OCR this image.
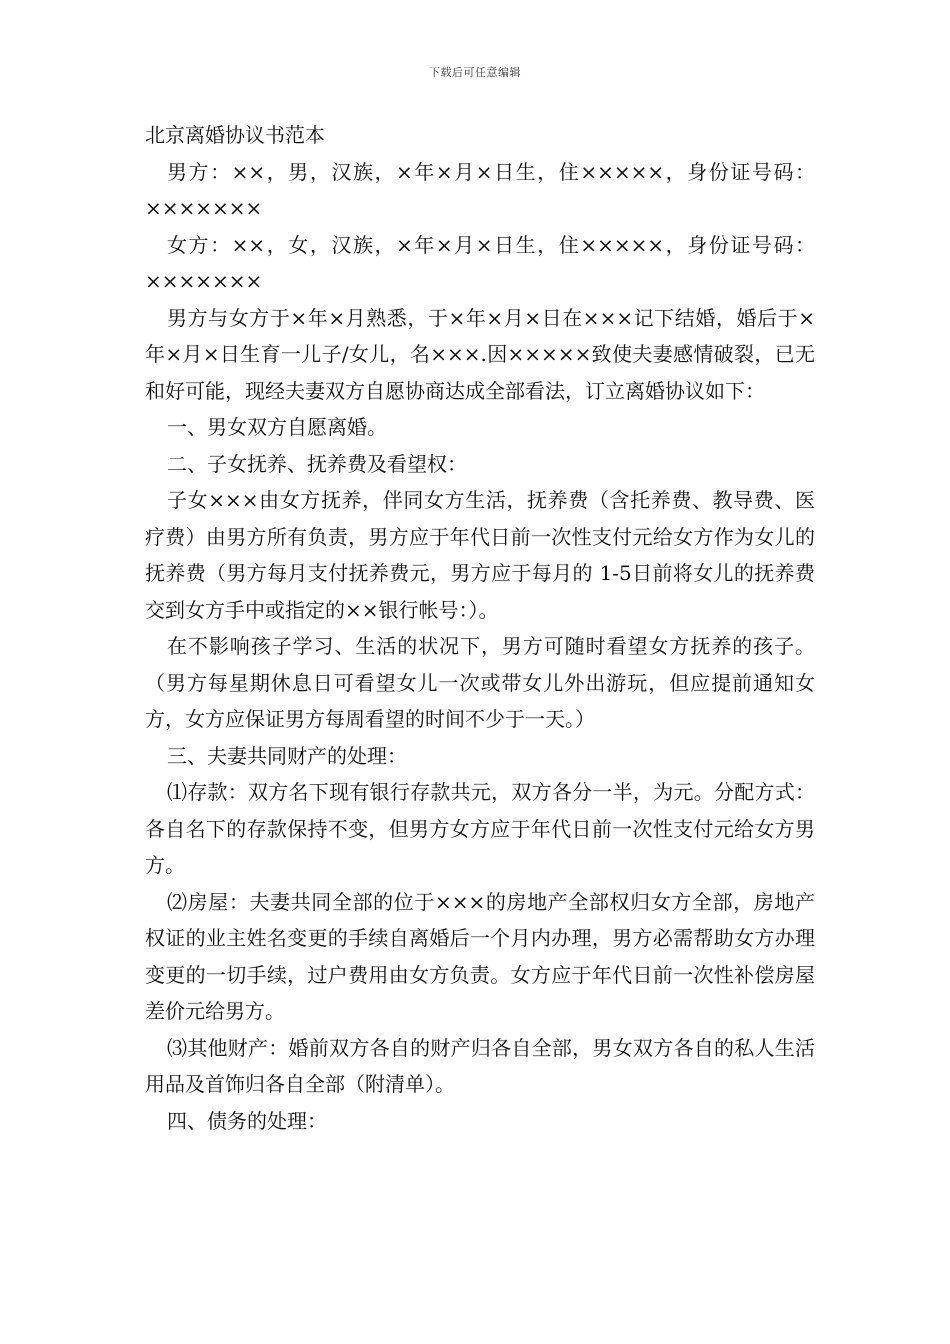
下载后可任意编辑
北京离婚协议书范本

男方：××，男，汉族，×年×月×日生，住×××××，身份证号码：×××××××

女方：××，女，汉族，×年×月×日生，住×××××，身份证号码：×××××××

男方与女方于×年×月熟悉，于×年×月×日在×××记下结婚，婚后于×年×月×日生育一儿子/女儿，名×××.因×××××致使夫妻感情破裂，已无和好可能，现经夫妻双方自愿协商达成全部看法，订立离婚协议如下：

一、男女双方自愿离婚。

二、子女抚养、抚养费及看望权：

子女×××由女方抚养，伴同女方生活，抚养费（含托养费、教导费、医疗费）由男方所有负责，男方应于年代日前一次性支付元给女方作为女儿的抚养费（男方每月支付抚养费元，男方应于每月的 1-5日前将女儿的抚养费交到女方手中或指定的××银行帐号：）。

在不影响孩子学习、生活的状况下，男方可随时看望女方抚养的孩子。（男方每星期休息日可看望女儿一次或带女儿外出游玩，但应提前通知女方，女方应保证男方每周看望的时间不少于一天。）

三、夫妻共同财产的处理：

⑴存款：双方名下现有银行存款共元，双方各分一半，为元。分配方式：各自名下的存款保持不变，但男方女方应于年代日前一次性支付元给女方男方。

⑵房屋：夫妻共同全部的位于×××的房地产全部权归女方全部，房地产权证的业主姓名变更的手续自离婚后一个月内办理，男方必需帮助女方办理变更的一切手续，过户费用由女方负责。女方应于年代日前一次性补偿房屋差价元给男方。

⑶其他财产：婚前双方各自的财产归各自全部，男女双方各自的私人生活用品及首饰归各自全部（附清单）。

四、债务的处理：
